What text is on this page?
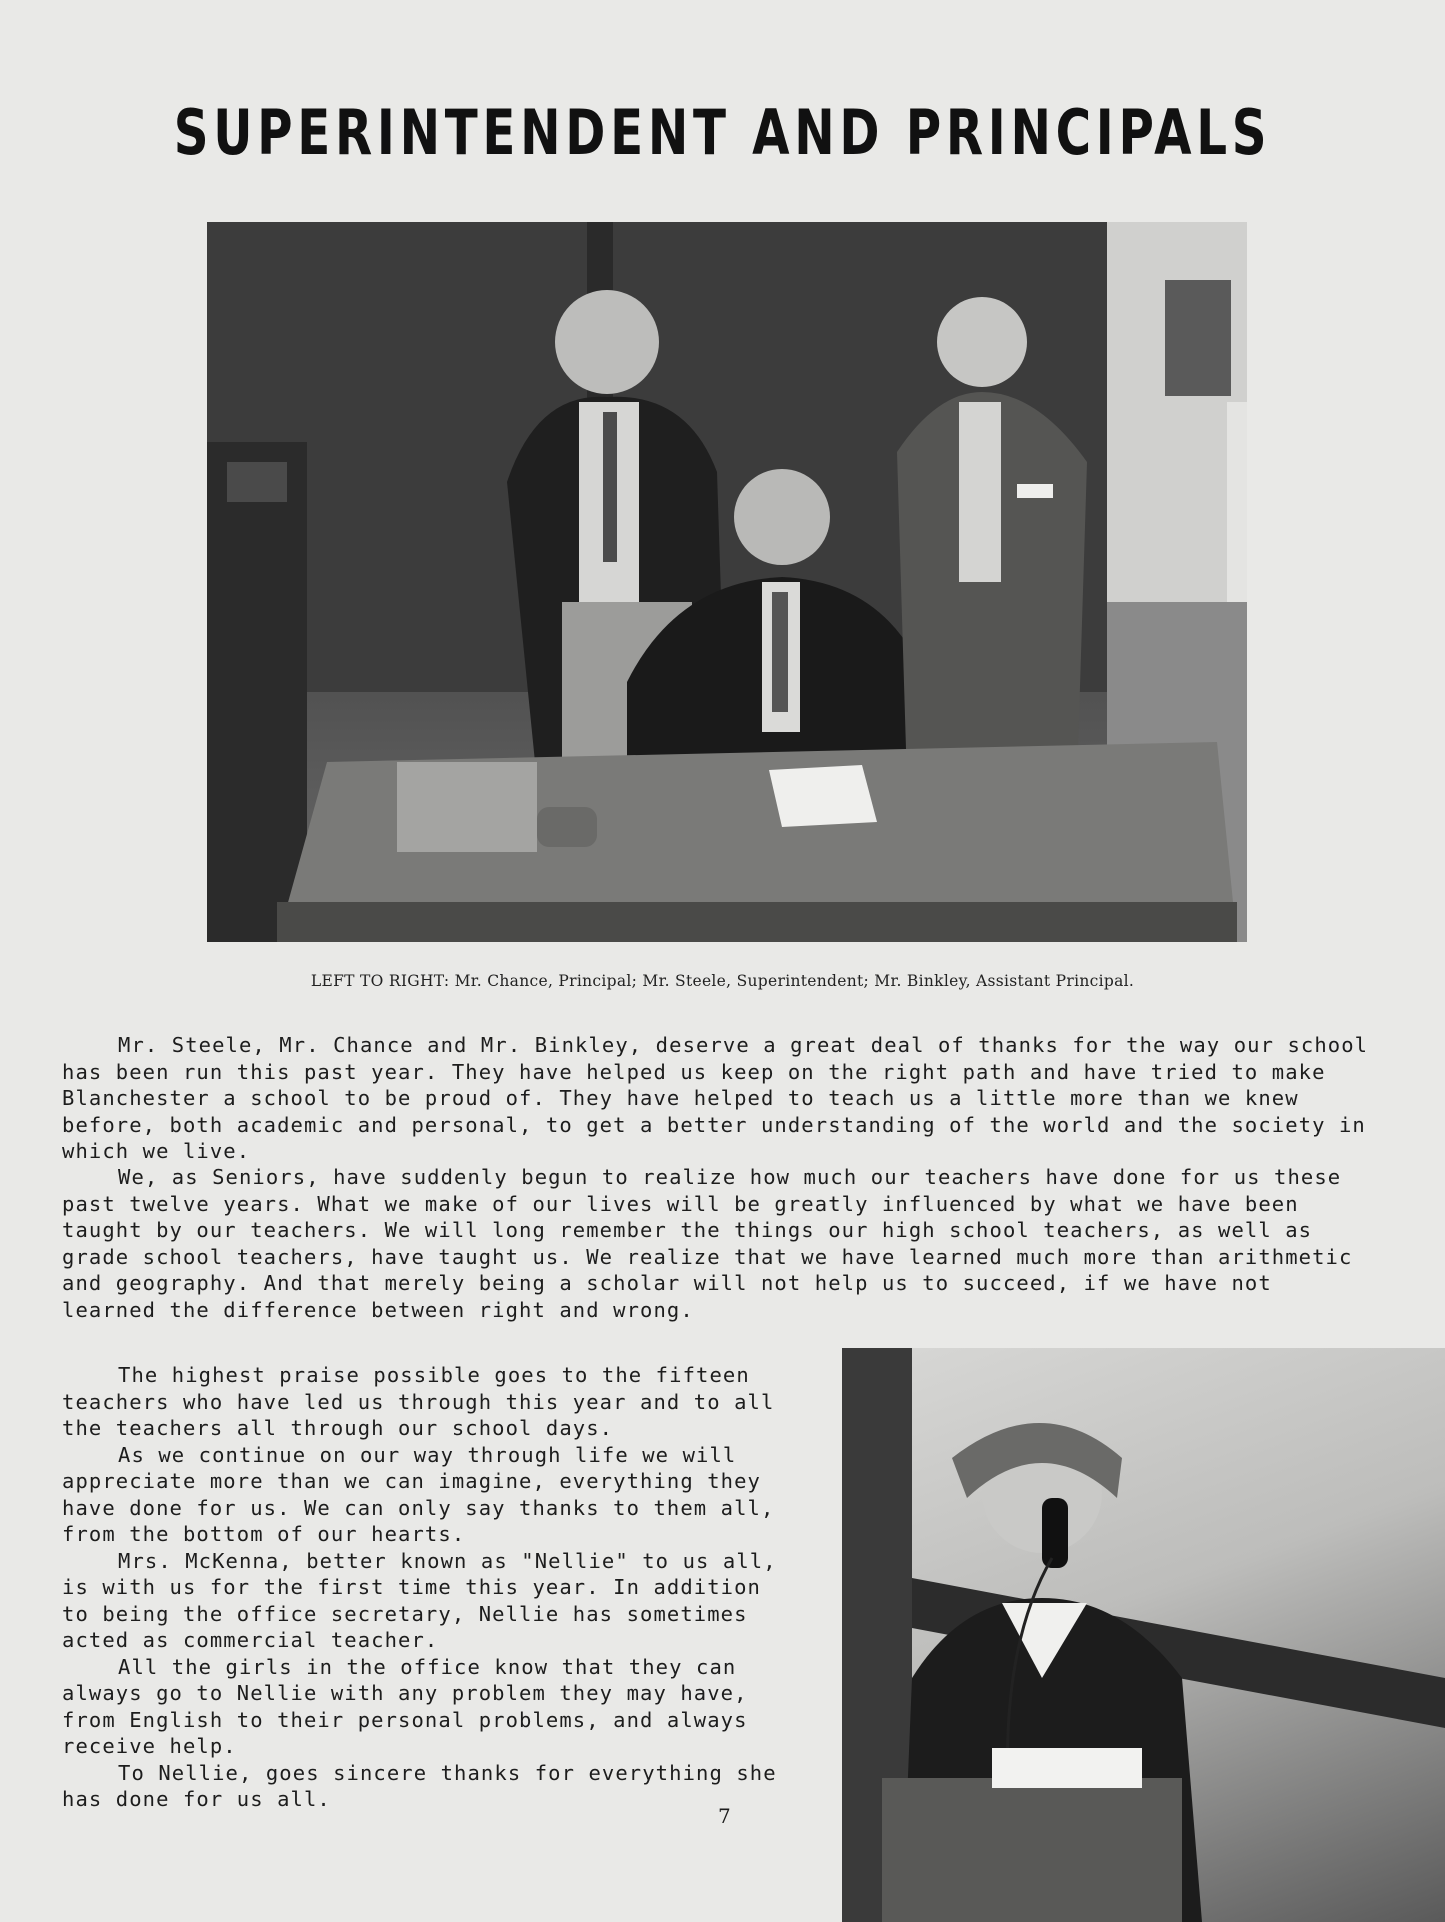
SUPERINTENDENT AND PRINCIPALS
LEFT TO RIGHT: Mr. Chance, Principal; Mr. Steele, Superintendent; Mr. Binkley, Assistant Principal.

Mr. Steele, Mr. Chance and Mr. Binkley, deserve a great deal of thanks for the way our school has been run this past year. They have helped us keep on the right path and have tried to make Blanchester a school to be proud of. They have helped to teach us a little more than we knew before, both academic and personal, to get a better understanding of the world and the society in which we live.

We, as Seniors, have suddenly begun to realize how much our teachers have done for us these past twelve years. What we make of our lives will be greatly influenced by what we have been taught by our teachers. We will long remember the things our high school teachers, as well as grade school teachers, have taught us. We realize that we have learned much more than arithmetic and geography. And that merely being a scholar will not help us to succeed, if we have not learned the difference between right and wrong.

The highest praise possible goes to the fifteen teachers who have led us through this year and to all the teachers all through our school days.

As we continue on our way through life we will appreciate more than we can imagine, everything they have done for us. We can only say thanks to them all, from the bottom of our hearts.

Mrs. McKenna, better known as "Nellie" to us all, is with us for the first time this year. In addition to being the office secretary, Nellie has sometimes acted as commercial teacher.

All the girls in the office know that they can always go to Nellie with any problem they may have, from English to their personal problems, and always receive help.

To Nellie, goes sincere thanks for everything she has done for us all.

7
